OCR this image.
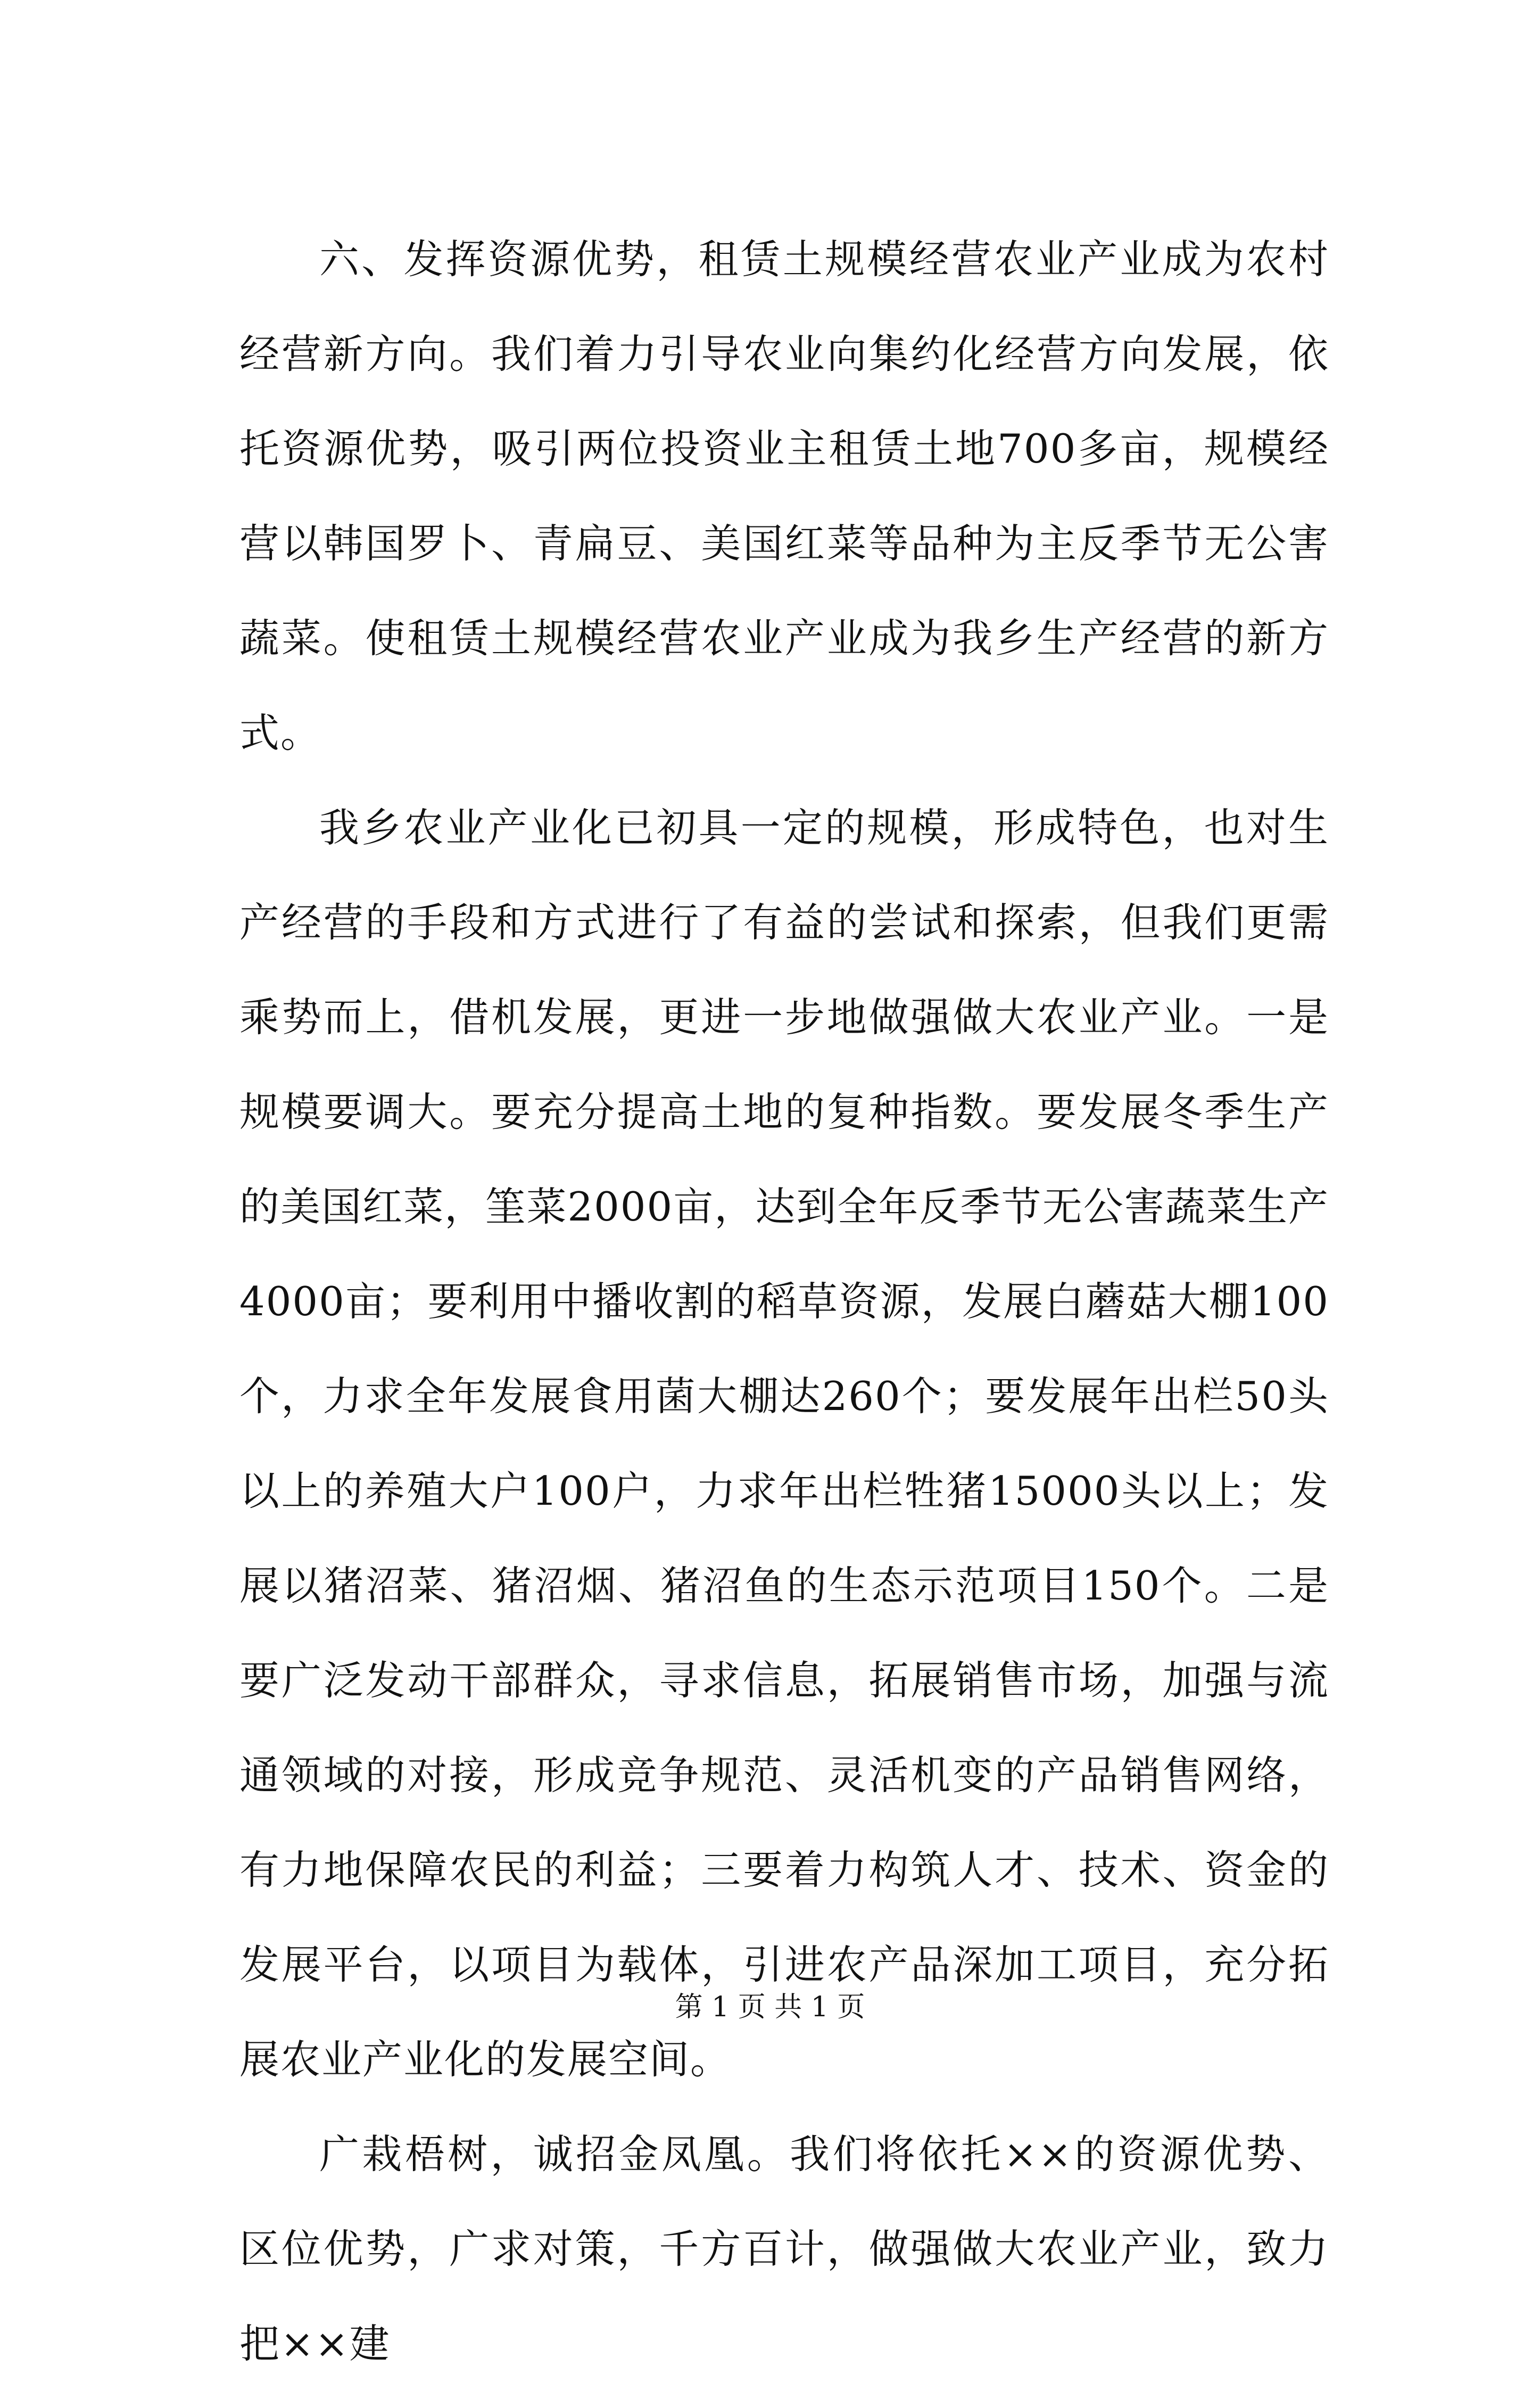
六、发挥资源优势，租赁土规模经营农业产业成为农村经营新方向。我们着力引导农业向集约化经营方向发展，依托资源优势，吸引两位投资业主租赁土地700多亩，规模经营以韩国罗卜、青扁豆、美国红菜等品种为主反季节无公害蔬菜。使租赁土规模经营农业产业成为我乡生产经营的新方式。

我乡农业产业化已初具一定的规模，形成特色，也对生产经营的手段和方式进行了有益的尝试和探索，但我们更需乘势而上，借机发展，更进一步地做强做大农业产业。一是规模要调大。要充分提高土地的复种指数。要发展冬季生产的美国红菜，筀菜2000亩，达到全年反季节无公害蔬菜生产4000亩；要利用中播收割的稻草资源，发展白蘑菇大棚100个，力求全年发展食用菌大棚达260个；要发展年出栏50头以上的养殖大户100户，力求年出栏牲猪15000头以上；发展以猪沼菜、猪沼烟、猪沼鱼的生态示范项目150个。二是要广泛发动干部群众，寻求信息，拓展销售市场，加强与流通领域的对接，形成竞争规范、灵活机变的产品销售网络，有力地保障农民的利益；三要着力构筑人才、技术、资金的发展平台，以项目为载体，引进农产品深加工项目，充分拓展农业产业化的发展空间。

广栽梧树，诚招金凤凰。我们将依托××的资源优势、区位优势，广求对策，千方百计，做强做大农业产业，致力把××建

第 1 页 共 1 页
